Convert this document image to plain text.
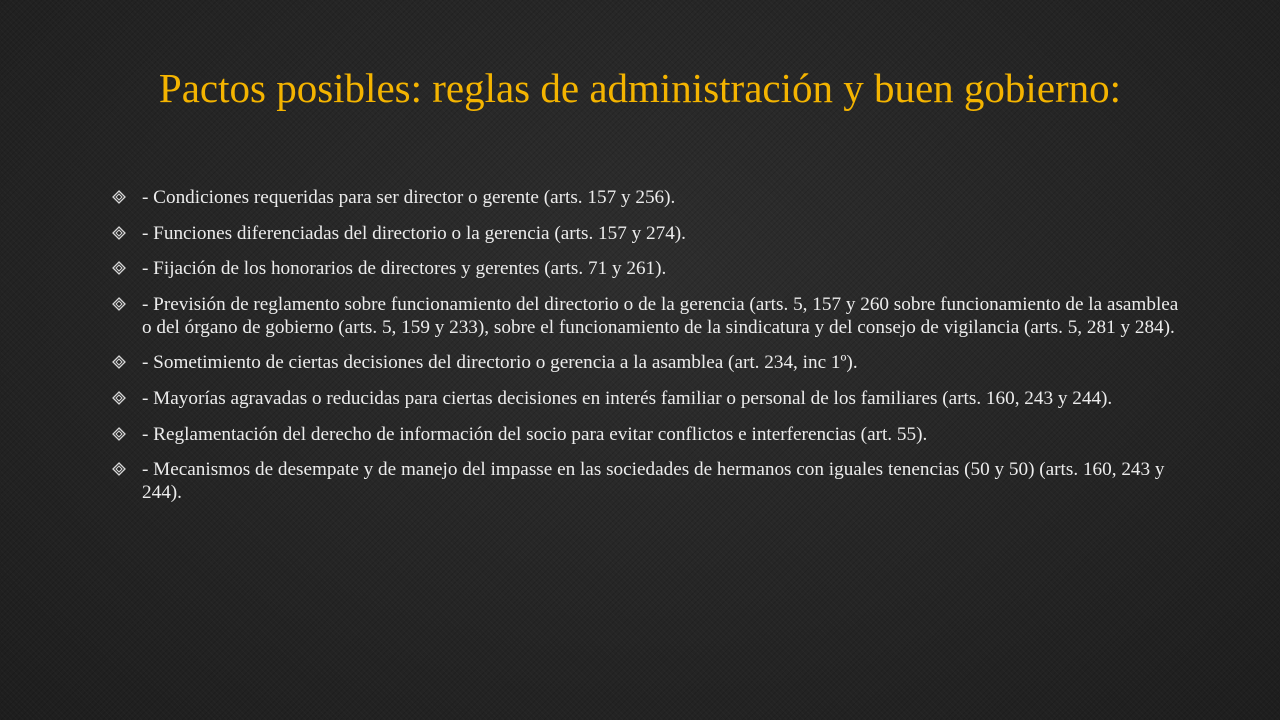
Pactos posibles: reglas de administración y buen gobierno:
- Condiciones requeridas para ser director o gerente (arts. 157 y 256).
- Funciones diferenciadas del directorio o la gerencia (arts. 157 y 274).
- Fijación de los honorarios de directores y gerentes (arts. 71 y 261).
- Previsión de reglamento sobre funcionamiento del directorio o de la gerencia (arts. 5, 157 y 260 sobre funcionamiento de la asamblea o del órgano de gobierno (arts. 5, 159 y 233), sobre el funcionamiento de la sindicatura y del consejo de vigilancia (arts. 5, 281 y 284).
- Sometimiento de ciertas decisiones del directorio o gerencia a la asamblea (art. 234, inc 1º).
- Mayorías agravadas o reducidas para ciertas decisiones en interés familiar o personal de los familiares (arts. 160, 243 y 244).
- Reglamentación del derecho de información del socio para evitar conflictos e interferencias (art. 55).
- Mecanismos de desempate y de manejo del impasse en las sociedades de hermanos con iguales tenencias (50 y 50) (arts. 160, 243 y 244).
